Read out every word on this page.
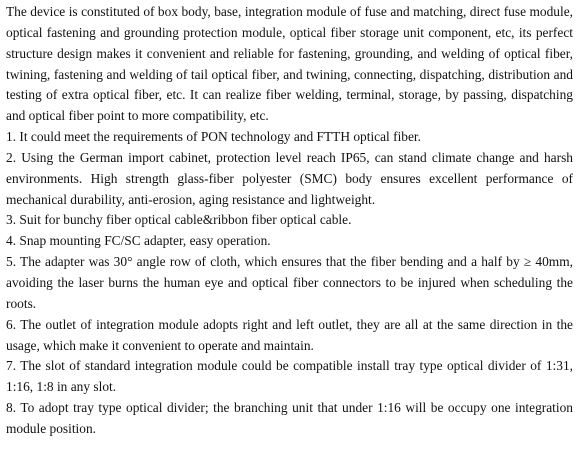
The device is constituted of box body, base, integration module of fuse and matching, direct fuse module, optical fastening and grounding protection module, optical fiber storage unit component, etc, its perfect structure design makes it convenient and reliable for fastening, grounding, and welding of optical fiber, twining, fastening and welding of tail optical fiber, and twining, connecting, dispatching, distribution and testing of extra optical fiber, etc. It can realize fiber welding, terminal, storage, by passing, dispatching and optical fiber point to more compatibility, etc.

1. It could meet the requirements of PON technology and FTTH optical fiber.

2. Using the German import cabinet, protection level reach IP65, can stand climate change and harsh environments. High strength glass-fiber polyester (SMC) body ensures excellent performance of mechanical durability, anti-erosion, aging resistance and lightweight.

3. Suit for bunchy fiber optical cable&ribbon fiber optical cable.

4. Snap mounting FC/SC adapter, easy operation.

5. The adapter was 30° angle row of cloth, which ensures that the fiber bending and a half by ≥ 40mm, avoiding the laser burns the human eye and optical fiber connectors to be injured when scheduling the roots.

6. The outlet of integration module adopts right and left outlet, they are all at the same direction in the usage, which make it convenient to operate and maintain.

7. The slot of standard integration module could be compatible install tray type optical divider of 1:31, 1:16, 1:8 in any slot.

8. To adopt tray type optical divider; the branching unit that under 1:16 will be occupy one integration module position.
